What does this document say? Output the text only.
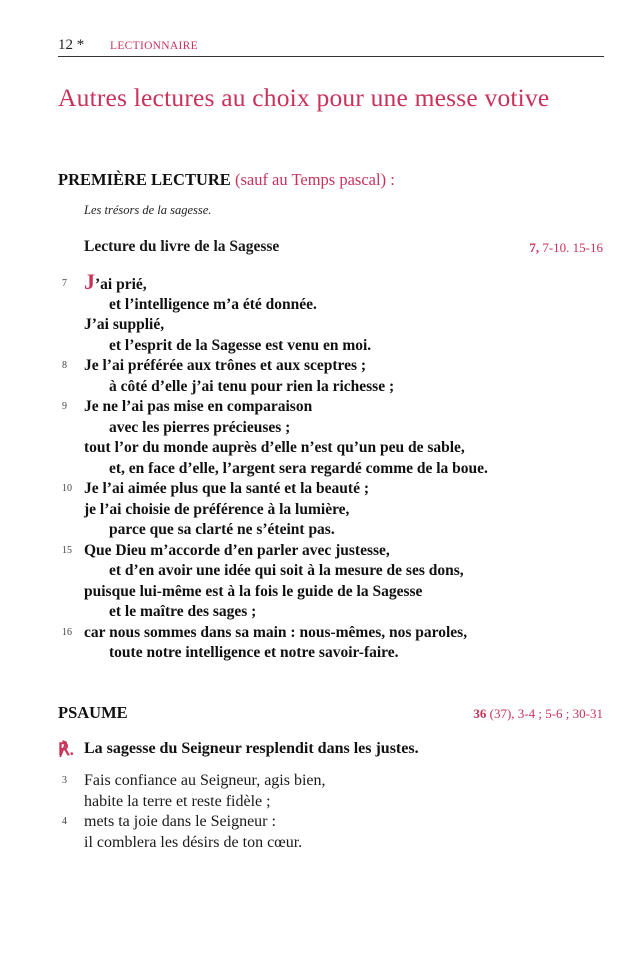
12 * LECTIONNAIRE
Autres lectures au choix pour une messe votive
PREMIÈRE LECTURE (sauf au Temps pascal) :
Les trésors de la sagesse.
Lecture du livre de la Sagesse	7, 7-10. 15-16
7 J’ai prié,
et l’intelligence m’a été donnée.
J’ai supplié,
et l’esprit de la Sagesse est venu en moi.
8 Je l’ai préférée aux trônes et aux sceptres ;
à côté d’elle j’ai tenu pour rien la richesse ;
9 Je ne l’ai pas mise en comparaison
avec les pierres précieuses ;
tout l’or du monde auprès d’elle n’est qu’un peu de sable,
et, en face d’elle, l’argent sera regardé comme de la boue.
10 Je l’ai aimée plus que la santé et la beauté ;
je l’ai choisie de préférence à la lumière,
parce que sa clarté ne s’éteint pas.
15 Que Dieu m’accorde d’en parler avec justesse,
et d’en avoir une idée qui soit à la mesure de ses dons,
puisque lui-même est à la fois le guide de la Sagesse
et le maître des sages ;
16 car nous sommes dans sa main : nous-mêmes, nos paroles,
toute notre intelligence et notre savoir-faire.
PSAUME	36 (37), 3-4 ; 5-6 ; 30-31
℟. La sagesse du Seigneur resplendit dans les justes.
3 Fais confiance au Seigneur, agis bien,
habite la terre et reste fidèle ;
4 mets ta joie dans le Seigneur :
il comblera les désirs de ton cœur.
